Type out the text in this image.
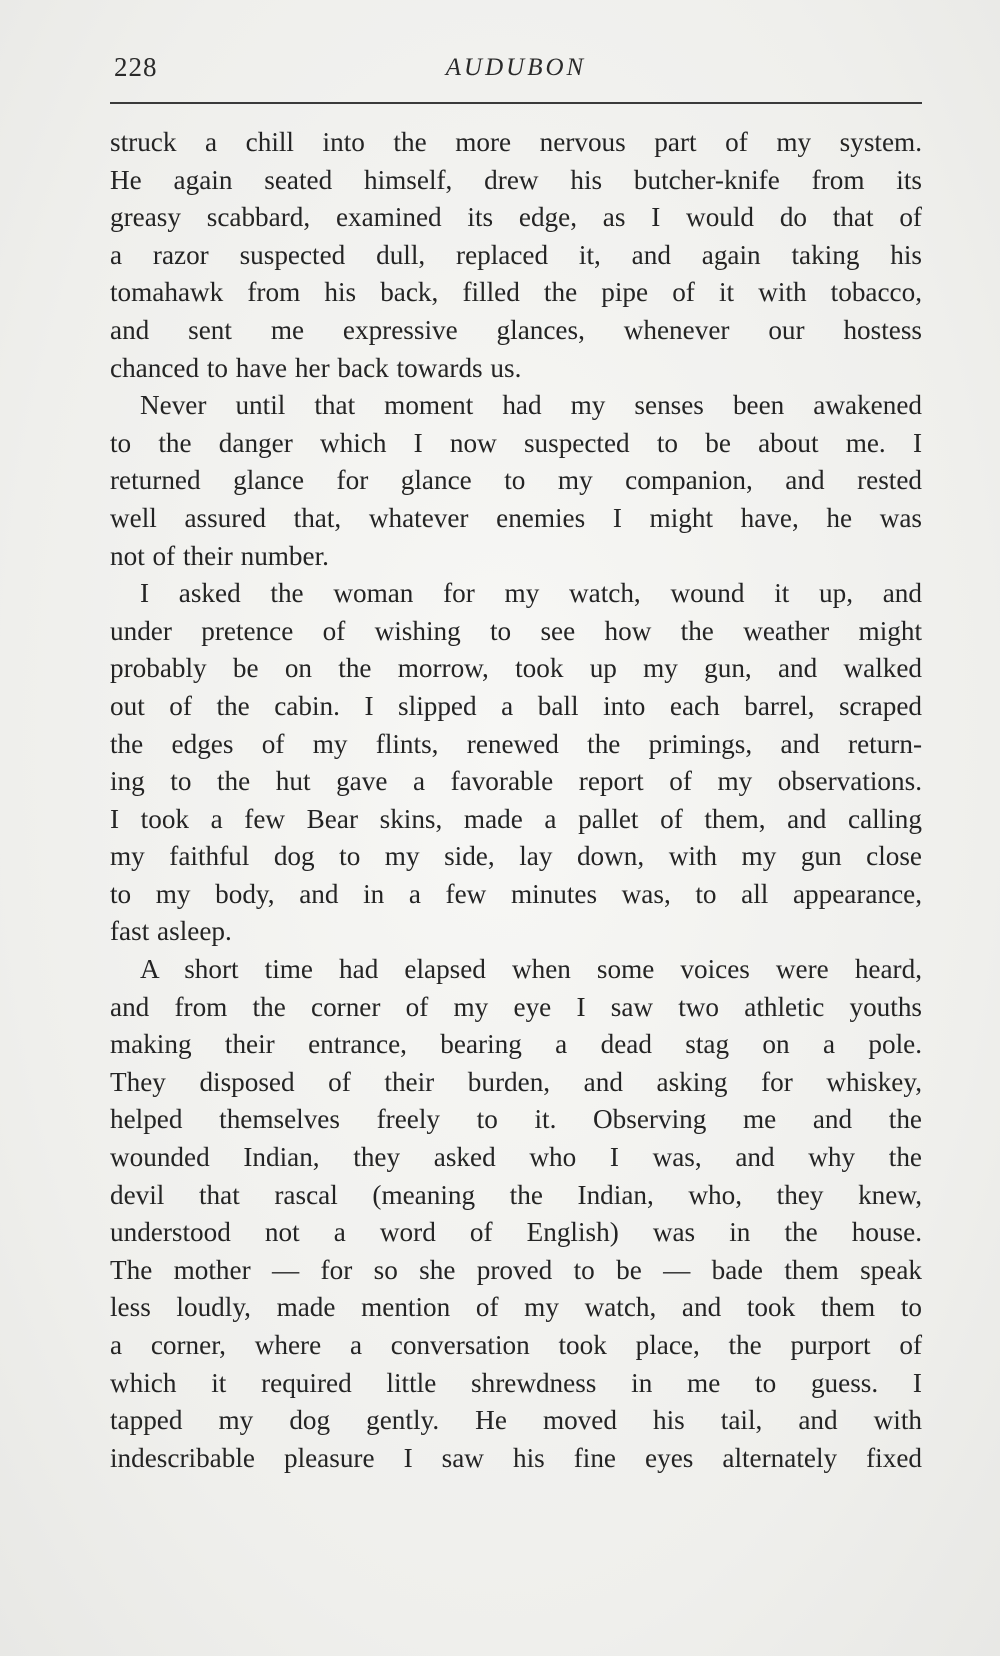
228	AUDUBON
struck a chill into the more nervous part of my system.
He again seated himself, drew his butcher-knife from its
greasy scabbard, examined its edge, as I would do that of
a razor suspected dull, replaced it, and again taking his
tomahawk from his back, filled the pipe of it with tobacco,
and sent me expressive glances, whenever our hostess
chanced to have her back towards us.
Never until that moment had my senses been awakened
to the danger which I now suspected to be about me. I
returned glance for glance to my companion, and rested
well assured that, whatever enemies I might have, he was
not of their number.
I asked the woman for my watch, wound it up, and
under pretence of wishing to see how the weather might
probably be on the morrow, took up my gun, and walked
out of the cabin. I slipped a ball into each barrel, scraped
the edges of my flints, renewed the primings, and return-
ing to the hut gave a favorable report of my observations.
I took a few Bear skins, made a pallet of them, and calling
my faithful dog to my side, lay down, with my gun close
to my body, and in a few minutes was, to all appearance,
fast asleep.
A short time had elapsed when some voices were heard,
and from the corner of my eye I saw two athletic youths
making their entrance, bearing a dead stag on a pole.
They disposed of their burden, and asking for whiskey,
helped themselves freely to it. Observing me and the
wounded Indian, they asked who I was, and why the
devil that rascal (meaning the Indian, who, they knew,
understood not a word of English) was in the house.
The mother — for so she proved to be — bade them speak
less loudly, made mention of my watch, and took them to
a corner, where a conversation took place, the purport of
which it required little shrewdness in me to guess. I
tapped my dog gently. He moved his tail, and with
indescribable pleasure I saw his fine eyes alternately fixed
